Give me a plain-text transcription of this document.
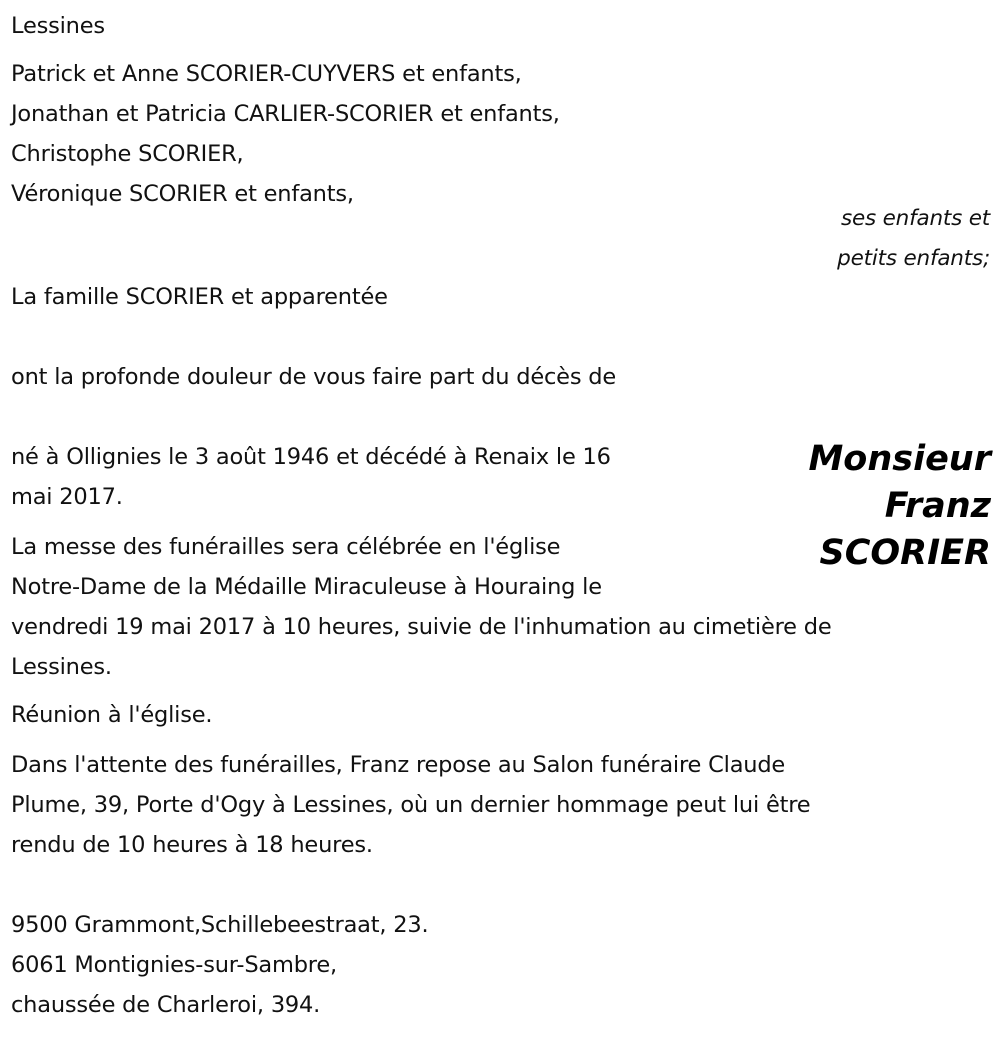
Lessines
Patrick et Anne SCORIER-CUYVERS et enfants,
Jonathan et Patricia CARLIER-SCORIER et enfants,
Christophe SCORIER,
Véronique SCORIER et enfants,
ses enfants et
petits enfants;
La famille SCORIER et apparentée
ont la profonde douleur de vous faire part du décès de
Monsieur
Franz
SCORIER
né à Ollignies le 3 août 1946 et décédé à Renaix le 16
mai 2017.
La messe des funérailles sera célébrée en l'église
Notre-Dame de la Médaille Miraculeuse à Houraing le
vendredi 19 mai 2017 à 10 heures, suivie de l'inhumation au cimetière de
Lessines.
Réunion à l'église.
Dans l'attente des funérailles, Franz repose au Salon funéraire Claude
Plume, 39, Porte d'Ogy à Lessines, où un dernier hommage peut lui être
rendu de 10 heures à 18 heures.
9500 Grammont,Schillebeestraat, 23.
6061 Montignies-sur-Sambre,
chaussée de Charleroi, 394.
